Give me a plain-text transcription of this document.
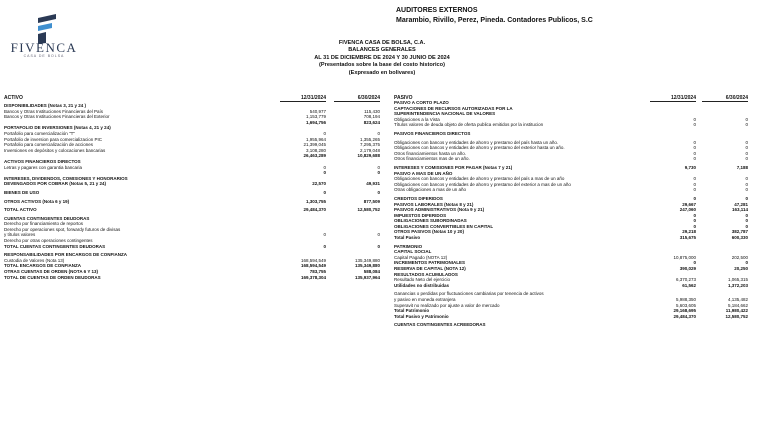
FIVENCA
CASA DE BOLSA
AUDITORES EXTERNOS
Marambio, Rivillo, Perez, Pineda. Contadores Publicos, S.C
FIVENCA CASA DE BOLSA, C.A.
BALANCES GENERALES
AL 31 DE DICIEMBRE DE 2024 Y 30 JUNIO DE 2024
(Presentados sobre la base del costo historico)
(Expresado en bolivares)
ACTIVO	12/31/2024	6/30/2024	PASIVO	12/31/2024	6/30/2024
DISPONIBILIDADES (Notas 3, 21 y 24 )
Bancos y Otras Instituciones Financieras del País	540,977	115,430
Bancos y Otras Instituciones Financieras del Exterior	1,153,779	708,194
1,694,756	823,624
PORTAFOLIO DE INVERSIONES (Notas 4, 21 y 24)
Portafolio para comercialización "T"	0	0
Portafolio de inversion para comercializacion PIC	1,955,964	1,355,265
Portafolio para comercialización de acciones	21,399,045	7,295,375
Inversiones en depósitos y colocaciones bancarias	3,108,280	2,179,048
26,463,289	10,829,688
ACTIVOS FINANCIEROS DIRECTOS
Letras y pagares con garantia bancaria	0	0
0	0
INTERESES, DIVIDENDOS, COMISIONES Y HONORARIOS
DEVENGADOS POR COBRAR (Notas 5, 21 y 24)	22,570	49,931
BIENES DE USO	0	0
OTROS ACTIVOS (Nota 6 y 19)	1,303,755	877,509
TOTAL ACTIVO	29,484,370	12,580,752
CUENTAS CONTINGENTES DEUDORAS
Derecho por financiamiento de reportos
Derecho por operaciones spot, forwardy futuros de divisas
y títulos valores	0	0
Derecho por otras operaciones contingentes
TOTAL CUENTAS CONTINGENTES DEUDORAS	0	0
RESPONSABILIDADES POR ENCARGOS DE CONFIANZA
Custodia de Valores (Nota 13)	168,594,549	135,349,880
TOTAL ENCARGOS DE CONFIANZA	168,594,549	135,349,880
OTRAS CUENTAS DE ORDEN (NOTA 6 Y 13)	783,755	588,084
TOTAL DE CUENTAS DE ORDEN DEUDORAS	169,378,304	135,937,964
PASIVO A CORTO PLAZO
CAPTACIONES DE RECURSOS AUTORIZADAS POR LA
SUPERINTENDENCIA NACIONAL DE VALORES
Obligaciones a la Vista	0	0
Títulos valores de deuda objeto de oferta publica emitidos por la institucion	0	0
PASIVOS FINANCIEROS DIRECTOS
Obligaciones con bancos y entidades de ahorro y prestamo del país hasta un año.	0	0
Obligaciones con bancos y entidades de ahorro y prestamo del exterior hasta un año.	0	0
Otros financiamientos hasta un año.	0	0
Otros financiamientos mas de un año.	0	0
INTERESES Y COMISIONES POR PAGAR (Notas 7 y 21)	9,730	7,188
PASIVO A MAS DE UN AÑO
Obligaciones con bancos y entidades de ahorro y prestamo del país a mas de un año	0	0
Obligaciones con bancos y entidades de ahorro y prestamo del exterior a mas de un año	0	0
Otras obligaciones a mas de un año	0	0
CREDITOS DIFERIDOS	0	0
PASIVOS LABORALES (Notas 8 y 21)	29,667	47,281
PASIVOS ADMINISTRATIVOS (Nota 9 y 21)	247,060	163,114
IMPUESTOS DIFERIDOS	0	0
OBLIGACIONES SUBORDINADAS	0	0
OBLIGACIONES CONVERTIBLES EN CAPITAL	0	0
OTROS PASIVOS (Notas 10 y 20)	29,218	382,787
Total Pasivo	315,675	600,330
PATRIMONIO
CAPITAL SOCIAL
Capital Pagado (NOTA 12)	10,875,000	202,500
INCREMENTOS PATRIMONIALES	0	0
RESERVA DE CAPITAL (NOTA 12)	390,029	20,250
RESULTADOS ACUMULADOS
Resultado Neto del ejercicio	6,370,273	1,065,315
Utilidades no distribuidas	61,562	1,372,203
Ganancias o perdidas por fluctuaciones cambiarias por tenencia de activos
y pasivo en moneda extranjera	5,988,350	4,135,482
Superavit no realizado por ajuste a valor de mercado	5,603,605	5,184,662
Total Patrimonio	29,168,695	11,980,422
Total Pasivo y Patrimonio	29,484,370	12,580,752
CUENTAS CONTINGENTES ACREEDORAS
